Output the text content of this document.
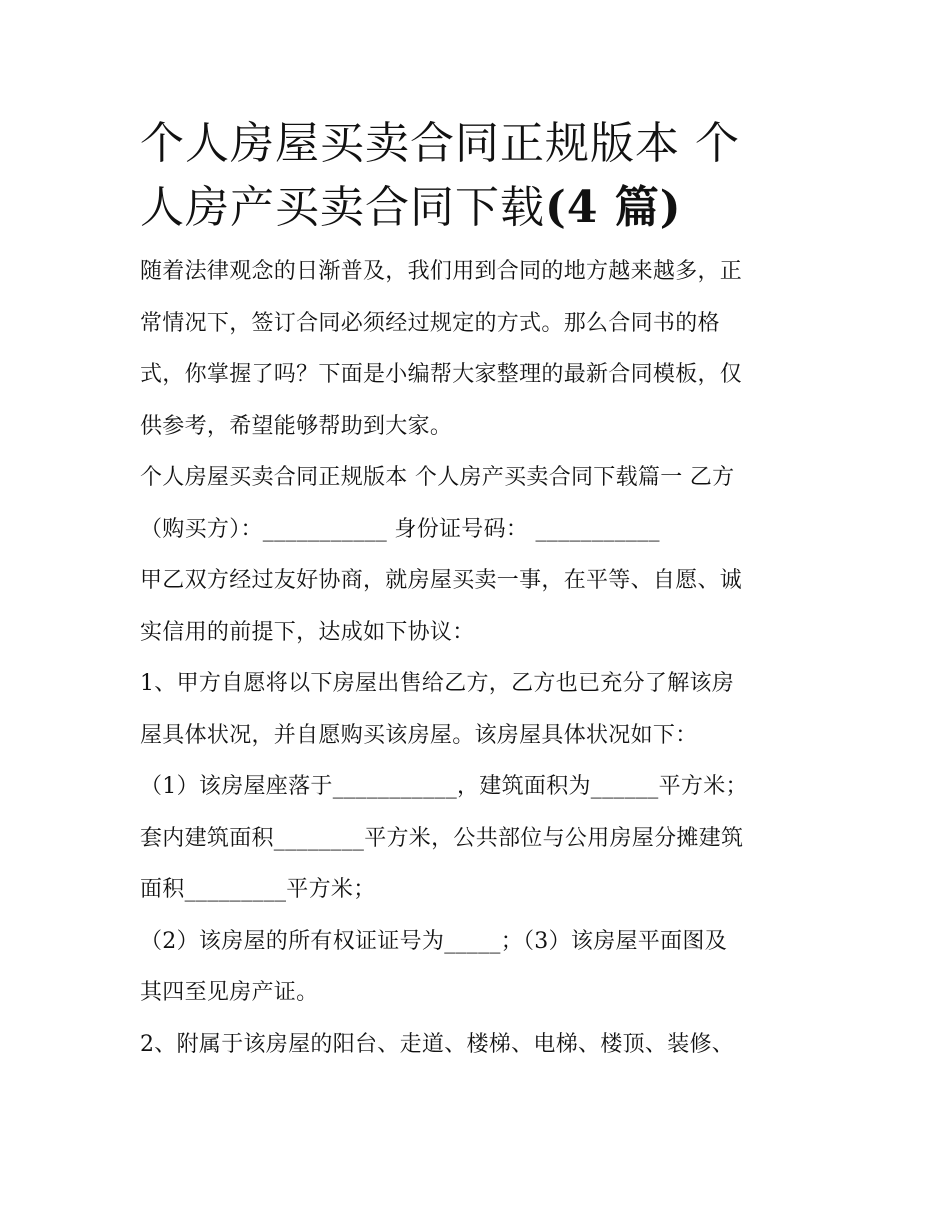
个人房屋买卖合同正规版本 个
人房产买卖合同下载(4 篇)

随着法律观念的日渐普及，我们用到合同的地方越来越多，正

常情况下，签订合同必须经过规定的方式。那么合同书的格

式，你掌握了吗？下面是小编帮大家整理的最新合同模板，仅

供参考，希望能够帮助到大家。

个人房屋买卖合同正规版本 个人房产买卖合同下载篇一 乙方

（购买方）：___________ 身份证号码： ___________

甲乙双方经过友好协商，就房屋买卖一事，在平等、自愿、诚

实信用的前提下，达成如下协议：

1、甲方自愿将以下房屋出售给乙方，乙方也已充分了解该房

屋具体状况，并自愿购买该房屋。该房屋具体状况如下：

（1）该房屋座落于___________，建筑面积为______平方米；

套内建筑面积________平方米，公共部位与公用房屋分摊建筑

面积_________平方米；

（2）该房屋的所有权证证号为_____；（3）该房屋平面图及

其四至见房产证。

2、附属于该房屋的阳台、走道、楼梯、电梯、楼顶、装修、
